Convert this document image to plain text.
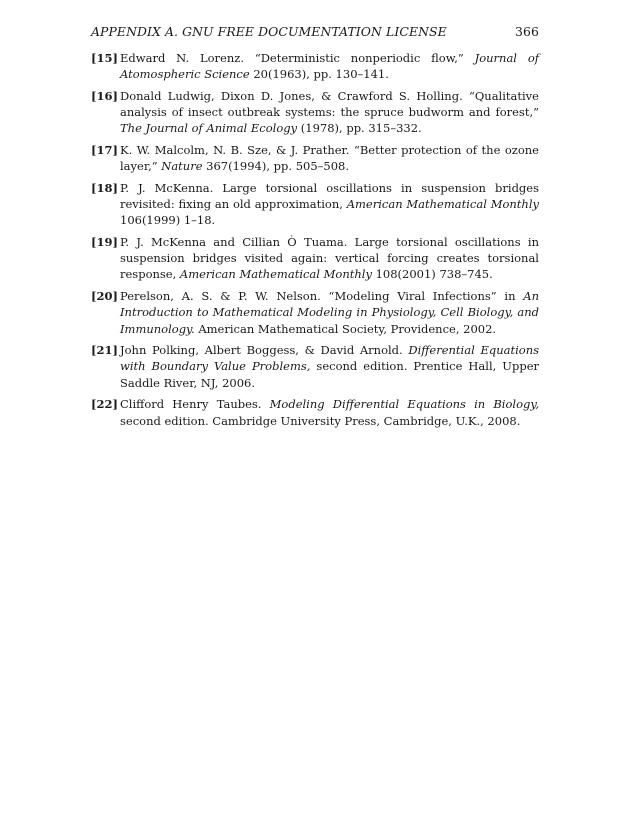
APPENDIX A. GNU FREE DOCUMENTATION LICENSE	366
[15] Edward N. Lorenz. “Deterministic nonperiodic flow,” Journal of Atomospheric Science 20(1963), pp. 130–141.
[16] Donald Ludwig, Dixon D. Jones, & Crawford S. Holling. “Qualitative analysis of insect outbreak systems: the spruce budworm and forest,” The Journal of Animal Ecology (1978), pp. 315–332.
[17] K. W. Malcolm, N. B. Sze, & J. Prather. “Better protection of the ozone layer,” Nature 367(1994), pp. 505–508.
[18] P. J. McKenna. Large torsional oscillations in suspension bridges revisited: fixing an old approximation, American Mathematical Monthly 106(1999) 1–18.
[19] P. J. McKenna and Cillian Ò Tuama. Large torsional oscillations in suspension bridges visited again: vertical forcing creates torsional response, American Mathematical Monthly 108(2001) 738–745.
[20] Perelson, A. S. & P. W. Nelson. “Modeling Viral Infections” in An Introduction to Mathematical Modeling in Physiology, Cell Biology, and Immunology. American Mathematical Society, Providence, 2002.
[21] John Polking, Albert Boggess, & David Arnold. Differential Equations with Boundary Value Problems, second edition. Prentice Hall, Upper Saddle River, NJ, 2006.
[22] Clifford Henry Taubes. Modeling Differential Equations in Biology, second edition. Cambridge University Press, Cambridge, U.K., 2008.
